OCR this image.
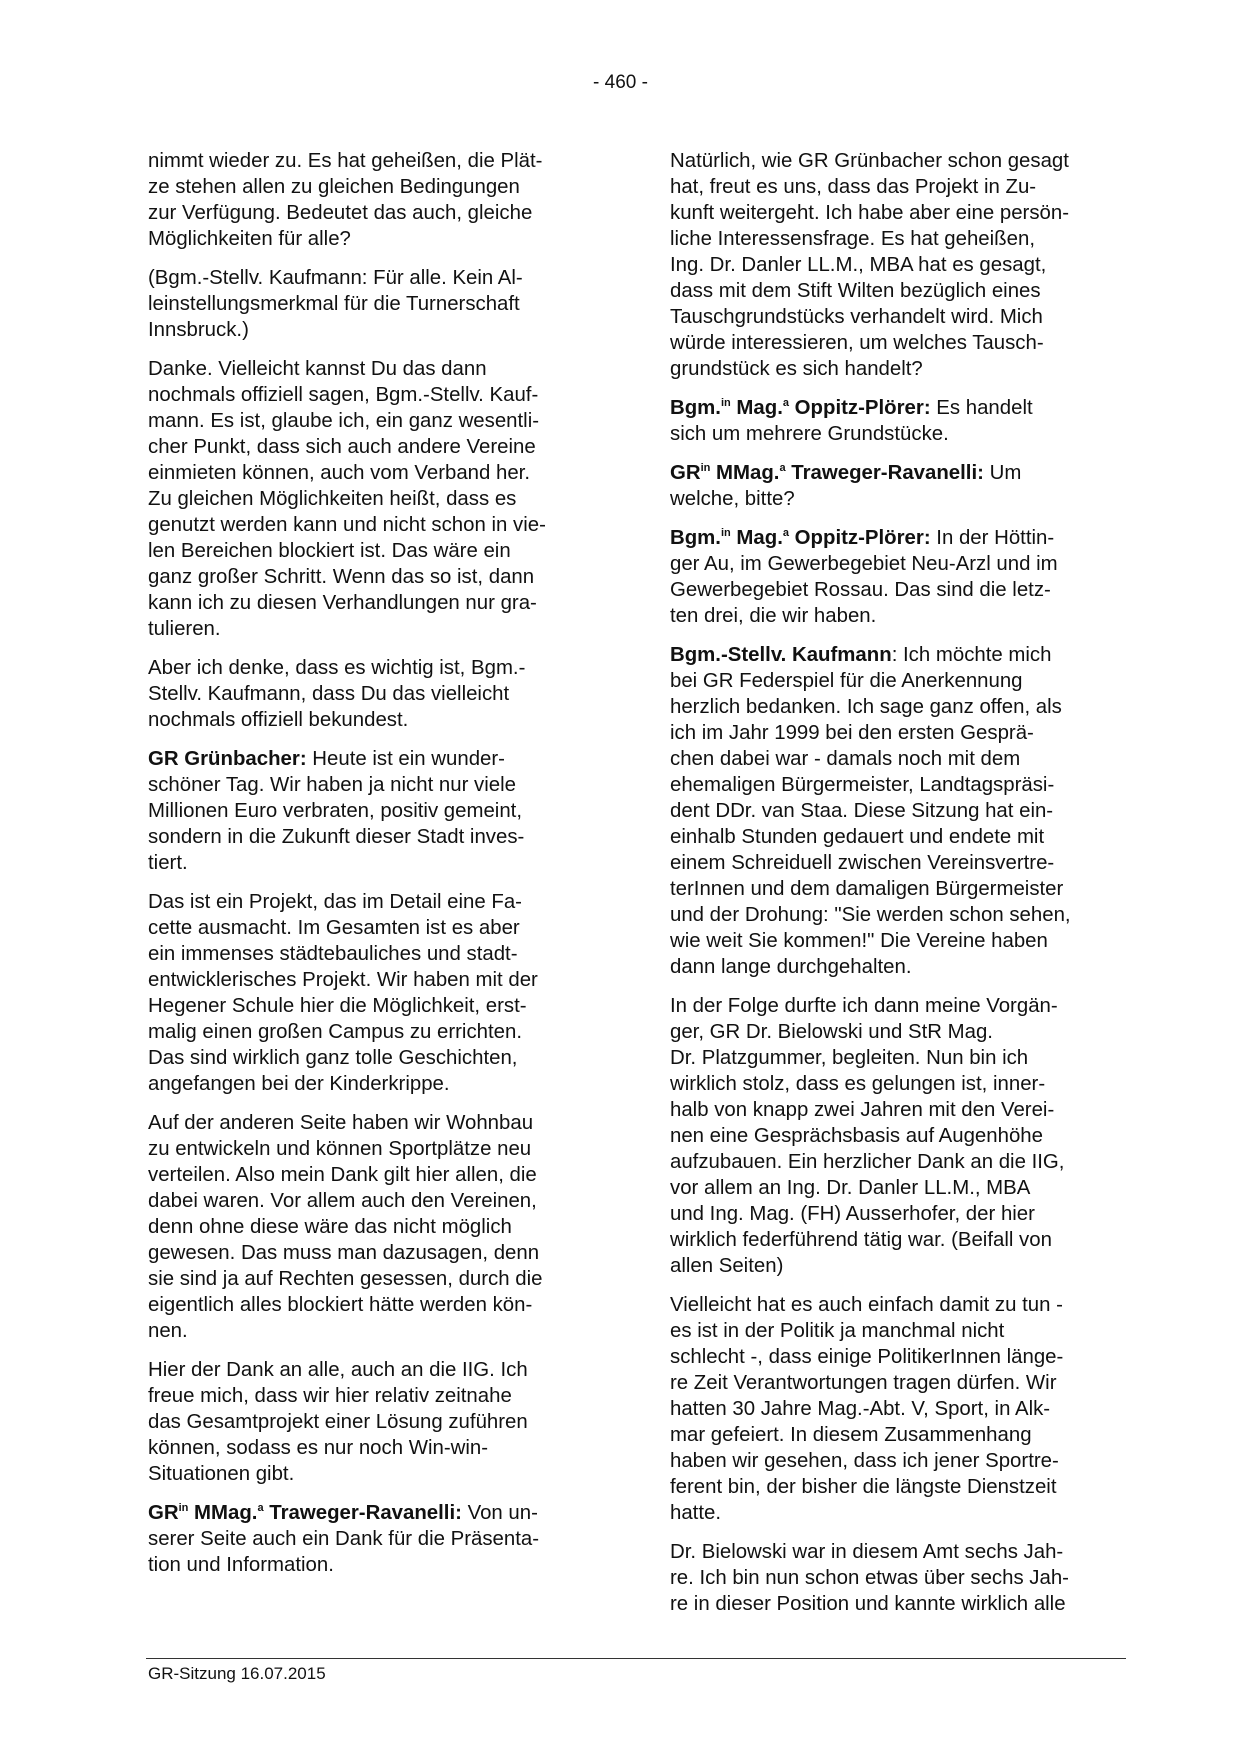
- 460 -

nimmt wieder zu. Es hat geheißen, die Plät-
ze stehen allen zu gleichen Bedingungen
zur Verfügung. Bedeutet das auch, gleiche
Möglichkeiten für alle?

(Bgm.-Stellv. Kaufmann: Für alle. Kein Al-
leinstellungsmerkmal für die Turnerschaft
Innsbruck.)

Danke. Vielleicht kannst Du das dann
nochmals offiziell sagen, Bgm.-Stellv. Kauf-
mann. Es ist, glaube ich, ein ganz wesentli-
cher Punkt, dass sich auch andere Vereine
einmieten können, auch vom Verband her.
Zu gleichen Möglichkeiten heißt, dass es
genutzt werden kann und nicht schon in vie-
len Bereichen blockiert ist. Das wäre ein
ganz großer Schritt. Wenn das so ist, dann
kann ich zu diesen Verhandlungen nur gra-
tulieren.

Aber ich denke, dass es wichtig ist, Bgm.-
Stellv. Kaufmann, dass Du das vielleicht
nochmals offiziell bekundest.

GR Grünbacher: Heute ist ein wunder-
schöner Tag. Wir haben ja nicht nur viele
Millionen Euro verbraten, positiv gemeint,
sondern in die Zukunft dieser Stadt inves-
tiert.

Das ist ein Projekt, das im Detail eine Fa-
cette ausmacht. Im Gesamten ist es aber
ein immenses städtebauliches und stadt-
entwicklerisches Projekt. Wir haben mit der
Hegener Schule hier die Möglichkeit, erst-
malig einen großen Campus zu errichten.
Das sind wirklich ganz tolle Geschichten,
angefangen bei der Kinderkrippe.

Auf der anderen Seite haben wir Wohnbau
zu entwickeln und können Sportplätze neu
verteilen. Also mein Dank gilt hier allen, die
dabei waren. Vor allem auch den Vereinen,
denn ohne diese wäre das nicht möglich
gewesen. Das muss man dazusagen, denn
sie sind ja auf Rechten gesessen, durch die
eigentlich alles blockiert hätte werden kön-
nen.

Hier der Dank an alle, auch an die IIG. Ich
freue mich, dass wir hier relativ zeitnahe
das Gesamtprojekt einer Lösung zuführen
können, sodass es nur noch Win-win-
Situationen gibt.

$GR^{in}$ MMag.$^a$ Traweger-Ravanelli: Von un-
serer Seite auch ein Dank für die Präsenta-
tion und Information.

Natürlich, wie GR Grünbacher schon gesagt
hat, freut es uns, dass das Projekt in Zu-
kunft weitergeht. Ich habe aber eine persön-
liche Interessensfrage. Es hat geheißen,
Ing. Dr. Danler LL.M., MBA hat es gesagt,
dass mit dem Stift Wilten bezüglich eines
Tauschgrundstücks verhandelt wird. Mich
würde interessieren, um welches Tausch-
grundstück es sich handelt?

Bgm.$^{in}$ Mag.$^a$ Oppitz-Plörer: Es handelt
sich um mehrere Grundstücke.

$GR^{in}$ MMag.$^a$ Traweger-Ravanelli: Um
welche, bitte?

Bgm.$^{in}$ Mag.$^a$ Oppitz-Plörer: In der Höttin-
ger Au, im Gewerbegebiet Neu-Arzl und im
Gewerbegebiet Rossau. Das sind die letz-
ten drei, die wir haben.

Bgm.-Stellv. Kaufmann: Ich möchte mich
bei GR Federspiel für die Anerkennung
herzlich bedanken. Ich sage ganz offen, als
ich im Jahr 1999 bei den ersten Gesprä-
chen dabei war - damals noch mit dem
ehemaligen Bürgermeister, Landtagspräsi-
dent DDr. van Staa. Diese Sitzung hat ein-
einhalb Stunden gedauert und endete mit
einem Schreiduell zwischen Vereinsvertre-
terInnen und dem damaligen Bürgermeister
und der Drohung: "Sie werden schon sehen,
wie weit Sie kommen!" Die Vereine haben
dann lange durchgehalten.

In der Folge durfte ich dann meine Vorgän-
ger, GR Dr. Bielowski und StR Mag.
Dr. Platzgummer, begleiten. Nun bin ich
wirklich stolz, dass es gelungen ist, inner-
halb von knapp zwei Jahren mit den Verei-
nen eine Gesprächsbasis auf Augenhöhe
aufzubauen. Ein herzlicher Dank an die IIG,
vor allem an Ing. Dr. Danler LL.M., MBA
und Ing. Mag. (FH) Ausserhofer, der hier
wirklich federführend tätig war. (Beifall von
allen Seiten)

Vielleicht hat es auch einfach damit zu tun -
es ist in der Politik ja manchmal nicht
schlecht -, dass einige PolitikerInnen länge-
re Zeit Verantwortungen tragen dürfen. Wir
hatten 30 Jahre Mag.-Abt. V, Sport, in Alk-
mar gefeiert. In diesem Zusammenhang
haben wir gesehen, dass ich jener Sportre-
ferent bin, der bisher die längste Dienstzeit
hatte.

Dr. Bielowski war in diesem Amt sechs Jah-
re. Ich bin nun schon etwas über sechs Jah-
re in dieser Position und kannte wirklich alle

GR-Sitzung 16.07.2015
